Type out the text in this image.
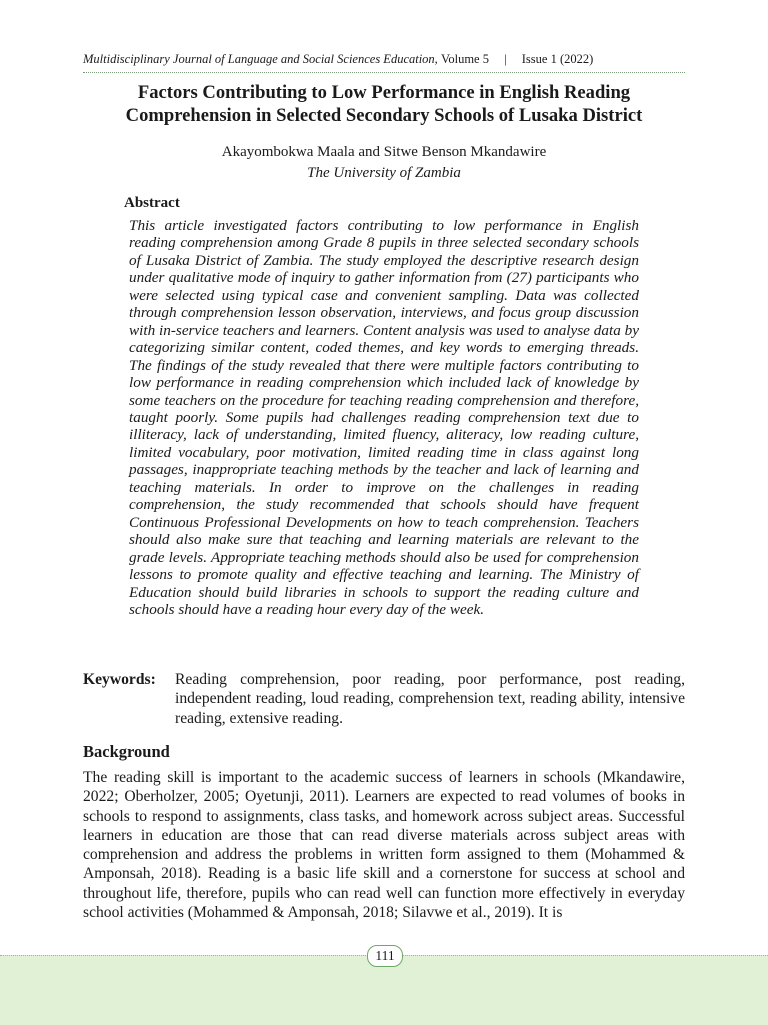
Multidisciplinary Journal of Language and Social Sciences Education, Volume 5 | Issue 1 (2022)
Factors Contributing to Low Performance in English Reading Comprehension in Selected Secondary Schools of Lusaka District
Akayombokwa Maala and Sitwe Benson Mkandawire
The University of Zambia
Abstract
This article investigated factors contributing to low performance in English reading comprehension among Grade 8 pupils in three selected secondary schools of Lusaka District of Zambia. The study employed the descriptive research design under qualitative mode of inquiry to gather information from (27) participants who were selected using typical case and convenient sampling. Data was collected through comprehension lesson observation, interviews, and focus group discussion with in-service teachers and learners. Content analysis was used to analyse data by categorizing similar content, coded themes, and key words to emerging threads. The findings of the study revealed that there were multiple factors contributing to low performance in reading comprehension which included lack of knowledge by some teachers on the procedure for teaching reading comprehension and therefore, taught poorly. Some pupils had challenges reading comprehension text due to illiteracy, lack of understanding, limited fluency, aliteracy, low reading culture, limited vocabulary, poor motivation, limited reading time in class against long passages, inappropriate teaching methods by the teacher and lack of learning and teaching materials. In order to improve on the challenges in reading comprehension, the study recommended that schools should have frequent Continuous Professional Developments on how to teach comprehension. Teachers should also make sure that teaching and learning materials are relevant to the grade levels. Appropriate teaching methods should also be used for comprehension lessons to promote quality and effective teaching and learning. The Ministry of Education should build libraries in schools to support the reading culture and schools should have a reading hour every day of the week.
Keywords:	Reading comprehension, poor reading, poor performance, post reading, independent reading, loud reading, comprehension text, reading ability, intensive reading, extensive reading.
Background
The reading skill is important to the academic success of learners in schools (Mkandawire, 2022; Oberholzer, 2005; Oyetunji, 2011). Learners are expected to read volumes of books in schools to respond to assignments, class tasks, and homework across subject areas. Successful learners in education are those that can read diverse materials across subject areas with comprehension and address the problems in written form assigned to them (Mohammed & Amponsah, 2018). Reading is a basic life skill and a cornerstone for success at school and throughout life, therefore, pupils who can read well can function more effectively in everyday school activities (Mohammed & Amponsah, 2018; Silavwe et al., 2019). It is
111
